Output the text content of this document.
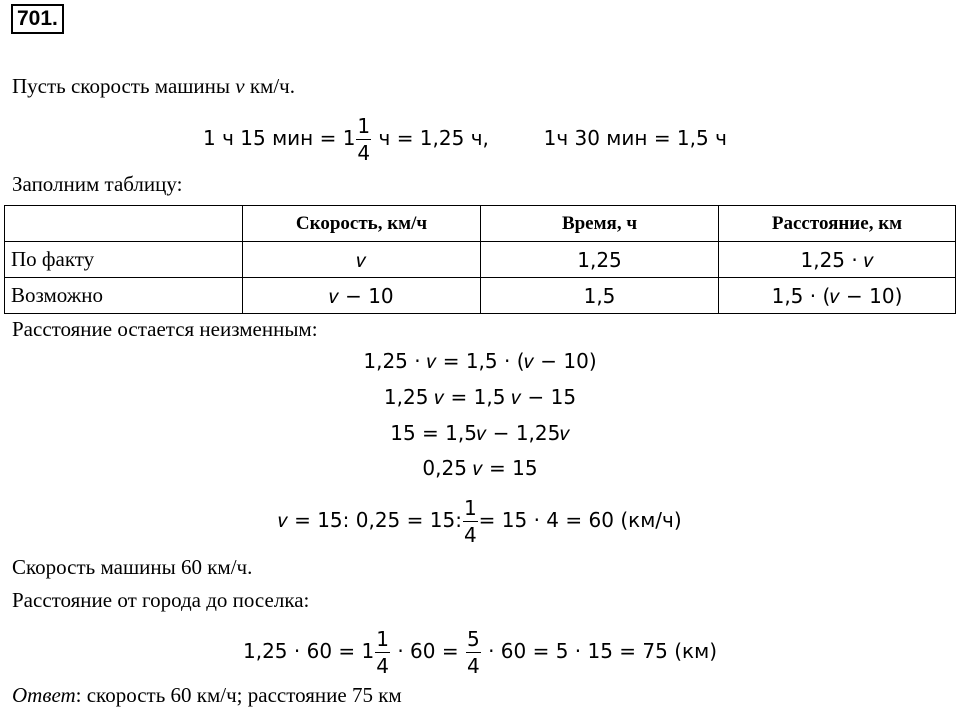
701.
Пусть скорость машины v км/ч.
1 ч 15 мин = $1 \frac{1}{4}$ ч = 1,25 ч,	1ч 30 мин = 1,5 ч
Заполним таблицу:
	Скорость, км/ч	Время, ч	Расстояние, км
По факту	𝑣	1,25	1,25 · 𝑣
Возможно	𝑣 − 10	1,5	1,5 · (𝑣 − 10)
Расстояние остается неизменным:
1,25 · 𝑣 = 1,5 · (𝑣 − 10)
1,25 𝑣 = 1,5 𝑣 − 15
15 = 1,5𝑣 − 1,25𝑣
0,25 𝑣 = 15
𝑣 = 15: 0,25 = 15: $\frac{1}{4} = 15 \cdot 4 = 60$ (км/ч)
Скорость машины 60 км/ч.
Расстояние от города до поселка:
$1,25 \cdot 60 = 1 \frac{1}{4} \cdot 60 = \frac{5}{4} \cdot 60 = 5 \cdot 15 = 75$ (км)
Ответ: скорость 60 км/ч; расстояние 75 км
